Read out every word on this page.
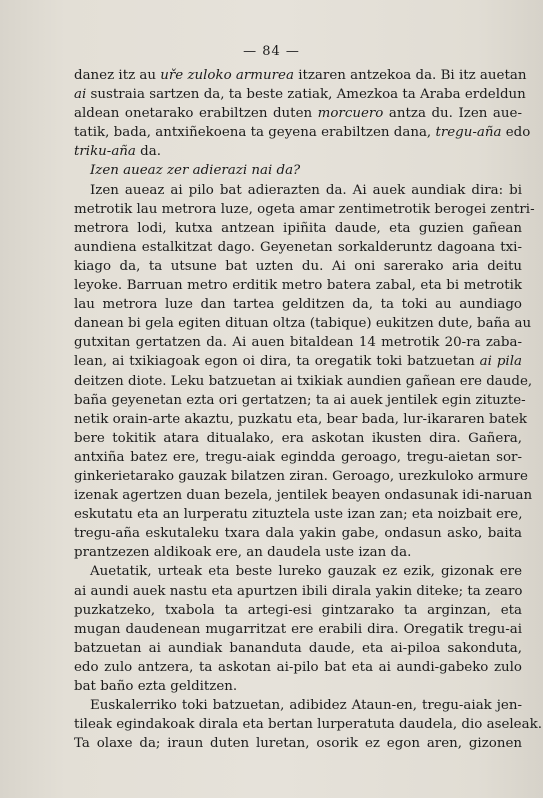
— 84 —
danez itz au uře zuloko armurea itzaren antzekoa da. Bi itz auetan
ai sustraia sartzen da, ta beste zatiak, Amezkoa ta Araba erdeldun
aldean onetarako erabiltzen duten morcuero antza du. Izen aue-
tatik, bada, antxiñekoena ta geyena erabiltzen dana, tregu-aña edo
triku-aña da.
Izen aueaz zer adierazi nai da?
Izen aueaz ai pilo bat adierazten da. Ai auek aundiak dira: bi
metrotik lau metrora luze, ogeta amar zentimetrotik berogei zentri-
metrora lodi, kutxa antzean ipiñita daude, eta guzien gañean
aundiena estalkitzat dago. Geyenetan sorkalderuntz dagoana txi-
kiago da, ta utsune bat uzten du. Ai oni sarerako aria deitu
leyoke. Barruan metro erditik metro batera zabal, eta bi metrotik
lau metrora luze dan tartea gelditzen da, ta toki au aundiago
danean bi gela egiten dituan oltza (tabique) eukitzen dute, baña au
gutxitan gertatzen da. Ai auen bitaldean 14 metrotik 20-ra zaba-
lean, ai txikiagoak egon oi dira, ta oregatik toki batzuetan ai pila
deitzen diote. Leku batzuetan ai txikiak aundien gañean ere daude,
baña geyenetan ezta ori gertatzen; ta ai auek jentilek egin zituzte-
netik orain-arte akaztu, puzkatu eta, bear bada, lur-ikararen batek
bere tokitik atara ditualako, era askotan ikusten dira. Gañera,
antxiña batez ere, tregu-aiak egindda geroago, tregu-aietan sor-
ginkerietarako gauzak bilatzen ziran. Geroago, urezkuloko armure
izenak agertzen duan bezela, jentilek beayen ondasunak idi-naruan
eskutatu eta an lurperatu zituztela uste izan zan; eta noizbait ere,
tregu-aña eskutaleku txara dala yakin gabe, ondasun asko, baita
prantzezen aldikoak ere, an daudela uste izan da.
Auetatik, urteak eta beste lureko gauzak ez ezik, gizonak ere
ai aundi auek nastu eta apurtzen ibili dirala yakin diteke; ta zearo
puzkatzeko, txabola ta artegi-esi gintzarako ta arginzan, eta
mugan daudenean mugarritzat ere erabili dira. Oregatik tregu-ai
batzuetan ai aundiak bananduta daude, eta ai-piloa sakonduta,
edo zulo antzera, ta askotan ai-pilo bat eta ai aundi-gabeko zulo
bat baño ezta gelditzen.
Euskalerriko toki batzuetan, adibidez Ataun-en, tregu-aiak jen-
tileak egindakoak dirala eta bertan lurperatuta daudela, dio aseleak.
Ta olaxe da; iraun duten luretan, osorik ez egon aren, gizonen
